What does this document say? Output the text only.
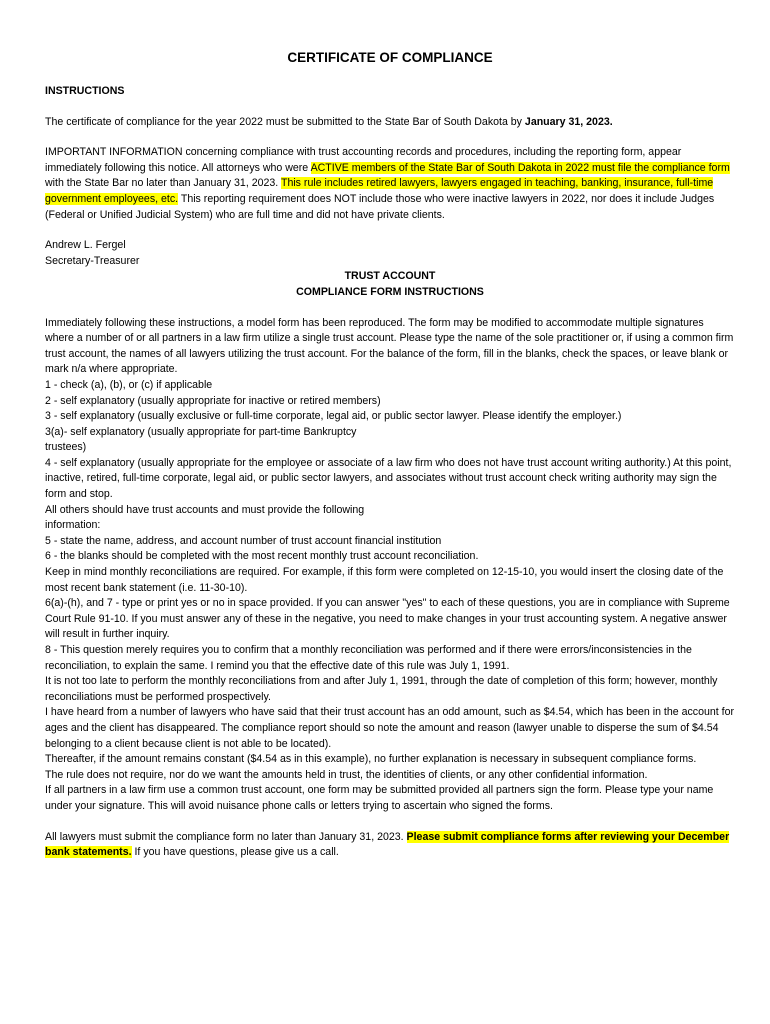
CERTIFICATE OF COMPLIANCE
INSTRUCTIONS

The certificate of compliance for the year 2022 must be submitted to the State Bar of South Dakota by January 31, 2023.

IMPORTANT INFORMATION concerning compliance with trust accounting records and procedures, including the reporting form, appear immediately following this notice. All attorneys who were ACTIVE members of the State Bar of South Dakota in 2022 must file the compliance form with the State Bar no later than January 31, 2023. This rule includes retired lawyers, lawyers engaged in teaching, banking, insurance, full-time government employees, etc. This reporting requirement does NOT include those who were inactive lawyers in 2022, nor does it include Judges (Federal or Unified Judicial System) who are full time and did not have private clients.

Andrew L. Fergel

Secretary-Treasurer

TRUST ACCOUNT
COMPLIANCE FORM INSTRUCTIONS
Immediately following these instructions, a model form has been reproduced. The form may be modified to accommodate multiple signatures where a number of or all partners in a law firm utilize a single trust account. Please type the name of the sole practitioner or, if using a common firm trust account, the names of all lawyers utilizing the trust account. For the balance of the form, fill in the blanks, check the spaces, or leave blank or mark n/a where appropriate.
1 - check (a), (b), or (c) if applicable
2 - self explanatory (usually appropriate for inactive or retired members)
3 - self explanatory (usually exclusive or full-time corporate, legal aid, or public sector lawyer. Please identify the employer.)
3(a)- self explanatory (usually appropriate for part-time Bankruptcy
trustees)
4 - self explanatory (usually appropriate for the employee or associate of a law firm who does not have trust account writing authority.) At this point, inactive, retired, full-time corporate, legal aid, or public sector lawyers, and associates without trust account check writing authority may sign the form and stop.
All others should have trust accounts and must provide the following
information:
5 - state the name, address, and account number of trust account financial institution
6 - the blanks should be completed with the most recent monthly trust account reconciliation.
Keep in mind monthly reconciliations are required. For example, if this form were completed on 12-15-10, you would insert the closing date of the most recent bank statement (i.e. 11-30-10).
6(a)-(h), and 7 - type or print yes or no in space provided. If you can answer "yes" to each of these questions, you are in compliance with Supreme Court Rule 91-10. If you must answer any of these in the negative, you need to make changes in your trust accounting system. A negative answer will result in further inquiry.
8 - This question merely requires you to confirm that a monthly reconciliation was performed and if there were errors/inconsistencies in the reconciliation, to explain the same. I remind you that the effective date of this rule was July 1, 1991.
It is not too late to perform the monthly reconciliations from and after July 1, 1991, through the date of completion of this form; however, monthly reconciliations must be performed prospectively.
I have heard from a number of lawyers who have said that their trust account has an odd amount, such as $4.54, which has been in the account for ages and the client has disappeared. The compliance report should so note the amount and reason (lawyer unable to disperse the sum of $4.54 belonging to a client because client is not able to be located).
Thereafter, if the amount remains constant ($4.54 as in this example), no further explanation is necessary in subsequent compliance forms.
The rule does not require, nor do we want the amounts held in trust, the identities of clients, or any other confidential information.
If all partners in a law firm use a common trust account, one form may be submitted provided all partners sign the form. Please type your name under your signature. This will avoid nuisance phone calls or letters trying to ascertain who signed the forms.

All lawyers must submit the compliance form no later than January 31, 2023. Please submit compliance forms after reviewing your December bank statements. If you have questions, please give us a call.
